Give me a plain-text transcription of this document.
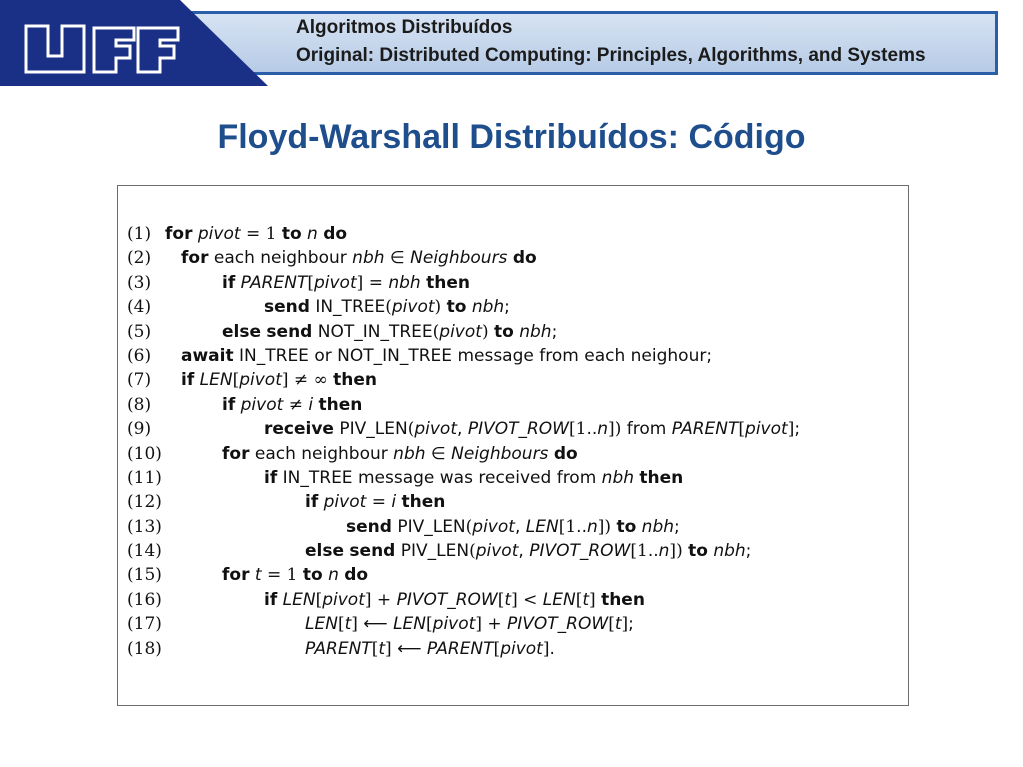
Algoritmos Distribuídos
Original: Distributed Computing: Principles, Algorithms, and Systems
Floyd-Warshall Distribuídos: Código
(1) for pivot = 1 to n do
(2) for each neighbour nbh ∈ Neighbours do
(3)	if PARENT[pivot] = nbh then
(4)	send IN_TREE(pivot) to nbh;
(5)	else send NOT_IN_TREE(pivot) to nbh;
(6) await IN_TREE or NOT_IN_TREE message from each neighour;
(7) if LEN[pivot] ≠ ∞ then
(8)	if pivot ≠ i then
(9)	receive PIV_LEN(pivot, PIVOT_ROW[1..n]) from PARENT[pivot];
(10)	for each neighbour nbh ∈ Neighbours do
(11)	if IN_TREE message was received from nbh then
(12)	if pivot = i then
(13)	send PIV_LEN(pivot, LEN[1..n]) to nbh;
(14)	else send PIV_LEN(pivot, PIVOT_ROW[1..n]) to nbh;
(15)	for t = 1 to n do
(16)	if LEN[pivot] + PIVOT_ROW[t] < LEN[t] then
(17)	LEN[t] ⟵ LEN[pivot] + PIVOT_ROW[t];
(18)	PARENT[t] ⟵ PARENT[pivot].
